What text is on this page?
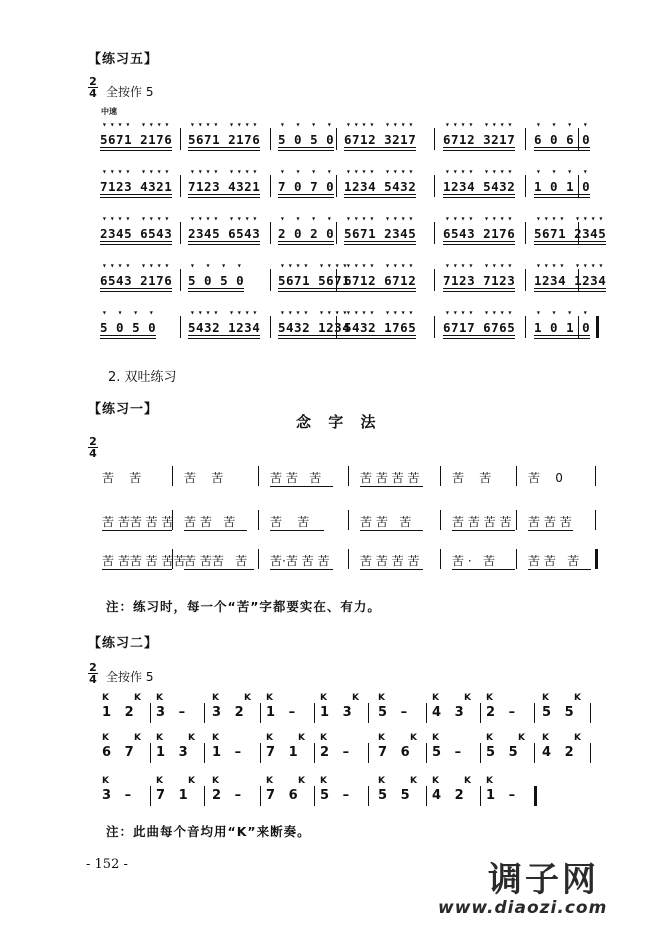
【练习五】
2
4 全按作 5
中速
5671 2176
▾▾▾▾ ▾▾▾▾
5671 2176
▾▾▾▾ ▾▾▾▾
5 0 5 0
▾ ▾ ▾ ▾
6712 3217
▾▾▾▾ ▾▾▾▾
6712 3217
▾▾▾▾ ▾▾▾▾
6 0 6 0
▾ ▾ ▾ ▾
7123 4321
▾▾▾▾ ▾▾▾▾
7123 4321
▾▾▾▾ ▾▾▾▾
7 0 7 0
▾ ▾ ▾ ▾
1234 5432
▾▾▾▾ ▾▾▾▾
1234 5432
▾▾▾▾ ▾▾▾▾
1 0 1 0
▾ ▾ ▾ ▾
2345 6543
▾▾▾▾ ▾▾▾▾
2345 6543
▾▾▾▾ ▾▾▾▾
2 0 2 0
▾ ▾ ▾ ▾
5671 2345
▾▾▾▾ ▾▾▾▾
6543 2176
▾▾▾▾ ▾▾▾▾
5671 2345
▾▾▾▾ ▾▾▾▾
6543 2176
▾▾▾▾ ▾▾▾▾
5 0 5 0
▾ ▾ ▾ ▾
5671 5671
▾▾▾▾ ▾▾▾▾
6712 6712
▾▾▾▾ ▾▾▾▾
7123 7123
▾▾▾▾ ▾▾▾▾
1234 1234
▾▾▾▾ ▾▾▾▾
5 0 5 0
▾ ▾ ▾ ▾
5432 1234
▾▾▾▾ ▾▾▾▾
5432 1234
▾▾▾▾ ▾▾▾▾
5432 1765
▾▾▾▾ ▾▾▾▾
6717 6765
▾▾▾▾ ▾▾▾▾
1 0 1 0
▾ ▾ ▾ ▾
2. 双吐练习
【练习一】
念 字 法
2
4
苦    苦	苦    苦	苦 苦   苦	苦 苦 苦 苦	苦    苦	苦    0
苦 苦苦 苦 苦 苦 苦   苦	苦    苦	苦 苦   苦	苦 苦 苦 苦 苦 苦 苦
苦 苦苦 苦 苦苦
苦 苦苦   苦 苦·苦 苦 苦	苦 苦 苦 苦	苦 ·   苦	苦 苦   苦
注：练习时，每一个“苦”字都要实在、有力。
【练习二】
2
4 全按作 5
1   2
K	K
3   –
K
3   2
K	K
1   –
K
1   3
K	K
5   –
K
4   3
K	K
2   –
K
5   5
K	K
6   7
K	K
1   3
K	K
1   –
K
7   1
K	K
2   –
K
7   6
K	K
5   –
K
5   5
K	K
4   2
K	K
3   –
K
7   1
K	K
2   –
K
7   6
K	K
5   –
K
5   5
K	K
4   2
K	K
1   –
K
注：此曲每个音均用“K”来断奏。
- 152 -	调子网
www.diaozi.com
